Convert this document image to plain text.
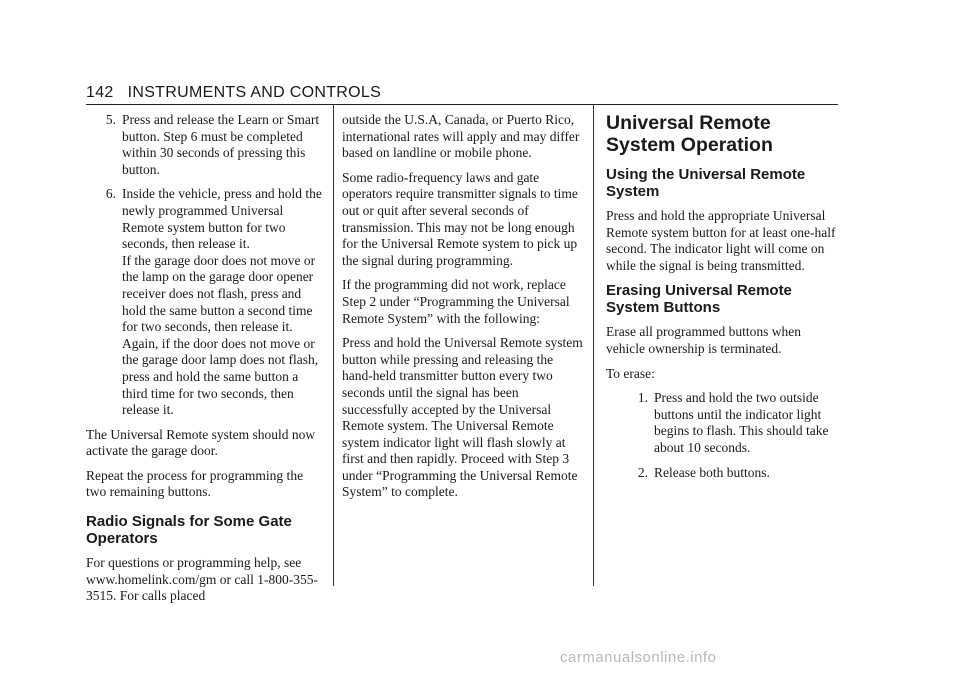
142 INSTRUMENTS AND CONTROLS
5. Press and release the Learn or Smart button. Step 6 must be completed within 30 seconds of pressing this button.
6. Inside the vehicle, press and hold the newly programmed Universal Remote system button for two seconds, then release it.
If the garage door does not move or the lamp on the garage door opener receiver does not flash, press and hold the same button a second time for two seconds, then release it. Again, if the door does not move or the garage door lamp does not flash, press and hold the same button a third time for two seconds, then release it.

The Universal Remote system should now activate the garage door.

Repeat the process for programming the two remaining buttons.

Radio Signals for Some Gate Operators

For questions or programming help, see www.homelink.com/gm or call 1-800-355-3515. For calls placed

outside the U.S.A, Canada, or Puerto Rico, international rates will apply and may differ based on landline or mobile phone.

Some radio-frequency laws and gate operators require transmitter signals to time out or quit after several seconds of transmission. This may not be long enough for the Universal Remote system to pick up the signal during programming.

If the programming did not work, replace Step 2 under “Programming the Universal Remote System” with the following:

Press and hold the Universal Remote system button while pressing and releasing the hand-held transmitter button every two seconds until the signal has been successfully accepted by the Universal Remote system. The Universal Remote system indicator light will flash slowly at first and then rapidly. Proceed with Step 3 under “Programming the Universal Remote System” to complete.

Universal Remote System Operation
Using the Universal Remote System

Press and hold the appropriate Universal Remote system button for at least one-half second. The indicator light will come on while the signal is being transmitted.

Erasing Universal Remote System Buttons

Erase all programmed buttons when vehicle ownership is terminated.

To erase:

1. Press and hold the two outside buttons until the indicator light begins to flash. This should take about 10 seconds.
2. Release both buttons.
carmanualsonline.info
